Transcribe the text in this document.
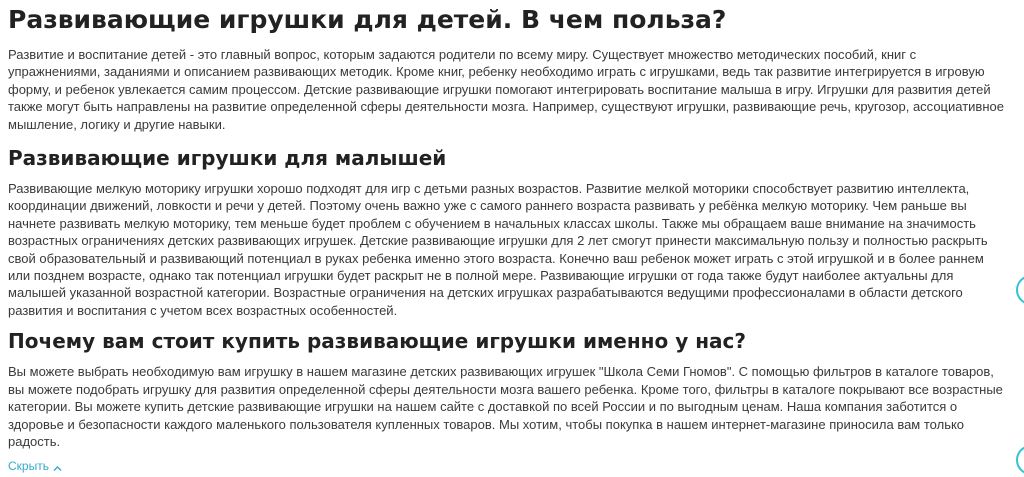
Развивающие игрушки для детей. В чем польза?

Развитие и воспитание детей - это главный вопрос, которым задаются родители по всему миру. Существует множество методических пособий, книг с упражнениями, заданиями и описанием развивающих методик. Кроме книг, ребенку необходимо играть с игрушками, ведь так развитие интегрируется в игровую форму, и ребенок увлекается самим процессом. Детские развивающие игрушки помогают интегрировать воспитание малыша в игру. Игрушки для развития детей также могут быть направлены на развитие определенной сферы деятельности мозга. Например, существуют игрушки, развивающие речь, кругозор, ассоциативное мышление, логику и другие навыки.

Развивающие игрушки для малышей

Развивающие мелкую моторику игрушки хорошо подходят для игр с детьми разных возрастов. Развитие мелкой моторики способствует развитию интеллекта, координации движений, ловкости и речи у детей. Поэтому очень важно уже с самого раннего возраста развивать у ребёнка мелкую моторику. Чем раньше вы начнете развивать мелкую моторику, тем меньше будет проблем с обучением в начальных классах школы. Также мы обращаем ваше внимание на значимость возрастных ограничениях детских развивающих игрушек. Детские развивающие игрушки для 2 лет смогут принести максимальную пользу и полностью раскрыть свой образовательный и развивающий потенциал в руках ребенка именно этого возраста. Конечно ваш ребенок может играть с этой игрушкой и в более раннем или позднем возрасте, однако так потенциал игрушки будет раскрыт не в полной мере. Развивающие игрушки от года также будут наиболее актуальны для малышей указанной возрастной категории. Возрастные ограничения на детских игрушках разрабатываются ведущими профессионалами в области детского развития и воспитания с учетом всех возрастных особенностей.

Почему вам стоит купить развивающие игрушки именно у нас?

Вы можете выбрать необходимую вам игрушку в нашем магазине детских развивающих игрушек "Школа Семи Гномов". С помощью фильтров в каталоге товаров, вы можете подобрать игрушку для развития определенной сферы деятельности мозга вашего ребенка. Кроме того, фильтры в каталоге покрывают все возрастные категории. Вы можете купить детские развивающие игрушки на нашем сайте с доставкой по всей России и по выгодным ценам. Наша компания заботится о здоровье и безопасности каждого маленького пользователя купленных товаров. Мы хотим, чтобы покупка в нашем интернет-магазине приносила вам только радость.

Скрыть
